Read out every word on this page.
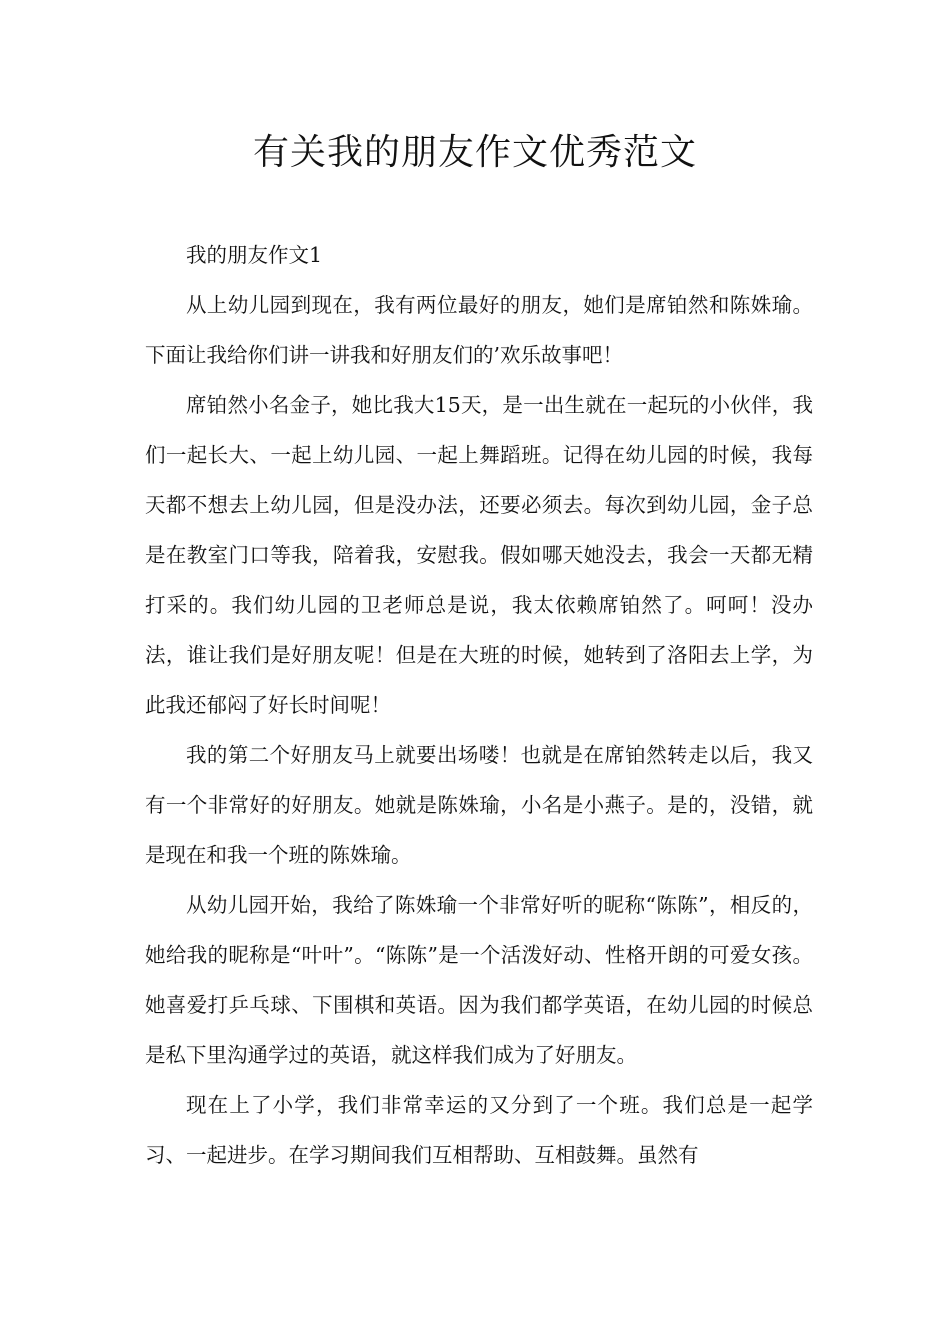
有关我的朋友作文优秀范文

我的朋友作文1

从上幼儿园到现在，我有两位最好的朋友，她们是席铂然和陈姝瑜。下面让我给你们讲一讲我和好朋友们的’欢乐故事吧！

席铂然小名金子，她比我大15天，是一出生就在一起玩的小伙伴，我们一起长大、一起上幼儿园、一起上舞蹈班。记得在幼儿园的时候，我每天都不想去上幼儿园，但是没办法，还要必须去。每次到幼儿园，金子总是在教室门口等我，陪着我，安慰我。假如哪天她没去，我会一天都无精打采的。我们幼儿园的卫老师总是说，我太依赖席铂然了。呵呵！没办法，谁让我们是好朋友呢！但是在大班的时候，她转到了洛阳去上学，为此我还郁闷了好长时间呢！

我的第二个好朋友马上就要出场喽！也就是在席铂然转走以后，我又有一个非常好的好朋友。她就是陈姝瑜，小名是小燕子。是的，没错，就是现在和我一个班的陈姝瑜。

从幼儿园开始，我给了陈姝瑜一个非常好听的昵称“陈陈”，相反的，她给我的昵称是“叶叶”。“陈陈”是一个活泼好动、性格开朗的可爱女孩。她喜爱打乒乓球、下围棋和英语。因为我们都学英语，在幼儿园的时候总是私下里沟通学过的英语，就这样我们成为了好朋友。

现在上了小学，我们非常幸运的又分到了一个班。我们总是一起学习、一起进步。在学习期间我们互相帮助、互相鼓舞。虽然有
